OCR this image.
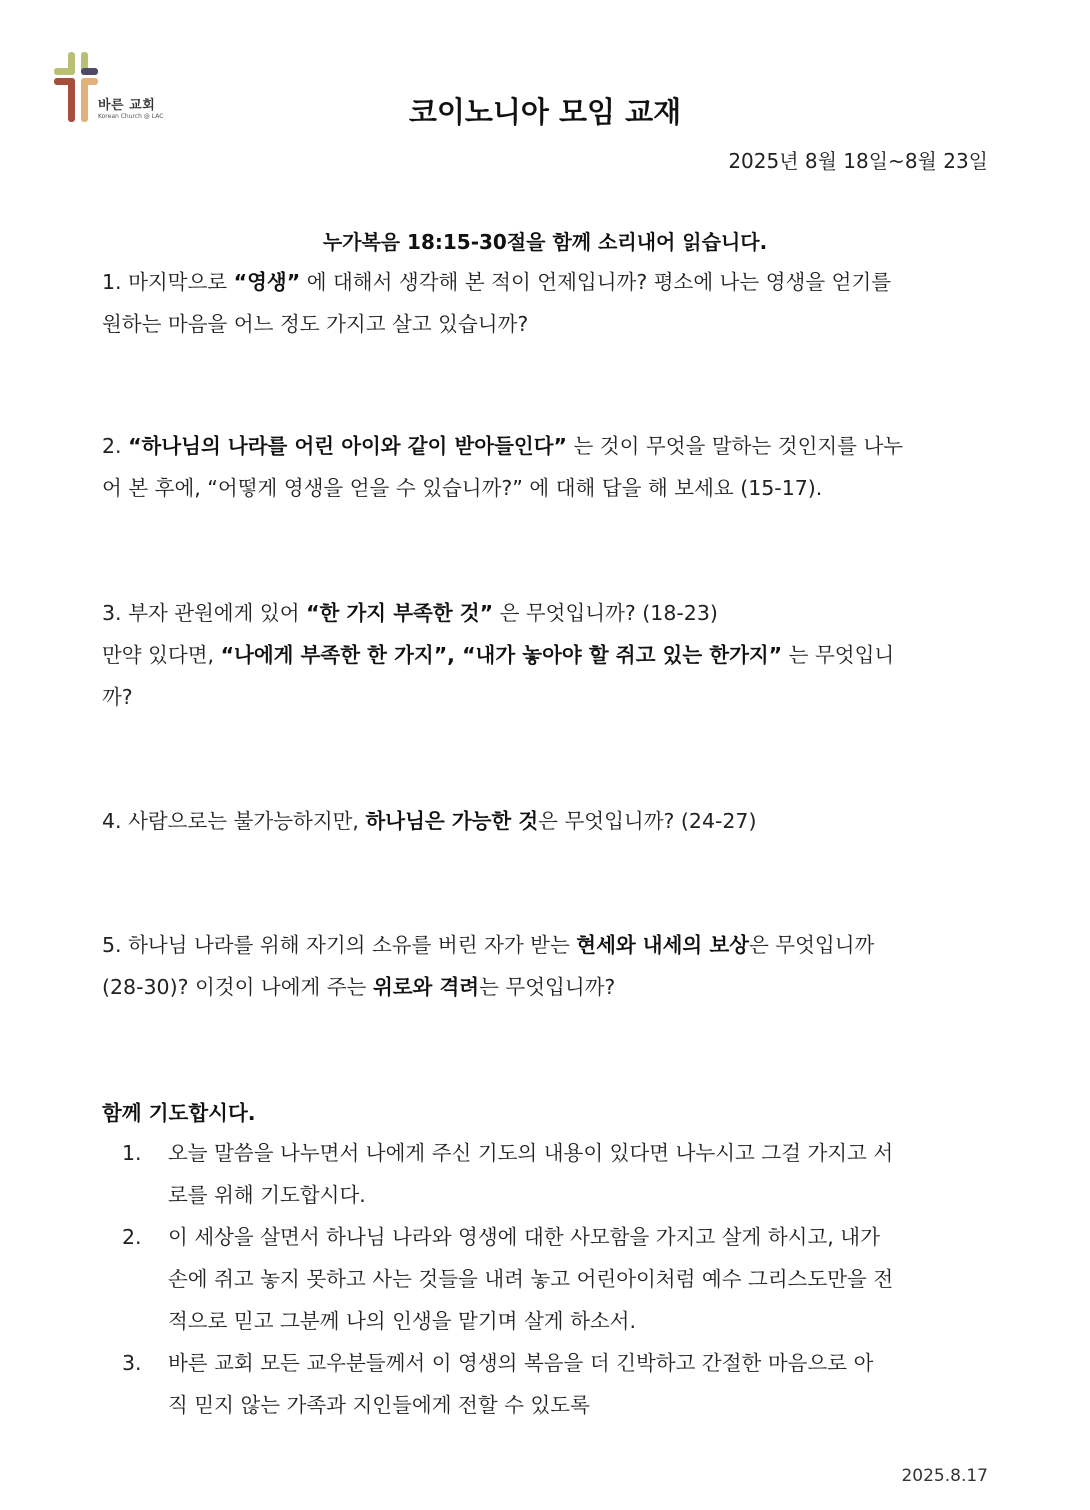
바른 교회
Korean Church @ LAC	코이노니아 모임 교재
2025년 8월 18일~8월 23일
누가복음 18:15-30절을 함께 소리내어 읽습니다.
1. 마지막으로 “영생” 에 대해서 생각해 본 적이 언제입니까? 평소에 나는 영생을 얻기를
원하는 마음을 어느 정도 가지고 살고 있습니까?
2. “하나님의 나라를 어린 아이와 같이 받아들인다” 는 것이 무엇을 말하는 것인지를 나누
어 본 후에, “어떻게 영생을 얻을 수 있습니까?” 에 대해 답을 해 보세요 (15-17).
3. 부자 관원에게 있어 “한 가지 부족한 것” 은 무엇입니까? (18-23)
만약 있다면, “나에게 부족한 한 가지”, “내가 놓아야 할 쥐고 있는 한가지” 는 무엇입니
까?
4. 사람으로는 불가능하지만, 하나님은 가능한 것은 무엇입니까? (24-27)
5. 하나님 나라를 위해 자기의 소유를 버린 자가 받는 현세와 내세의 보상은 무엇입니까
(28-30)? 이것이 나에게 주는 위로와 격려는 무엇입니까?
함께 기도합시다.
1. 오늘 말씀을 나누면서 나에게 주신 기도의 내용이 있다면 나누시고 그걸 가지고 서
로를 위해 기도합시다.
2. 이 세상을 살면서 하나님 나라와 영생에 대한 사모함을 가지고 살게 하시고, 내가
손에 쥐고 놓지 못하고 사는 것들을 내려 놓고 어린아이처럼 예수 그리스도만을 전
적으로 믿고 그분께 나의 인생을 맡기며 살게 하소서.
3. 바른 교회 모든 교우분들께서 이 영생의 복음을 더 긴박하고 간절한 마음으로 아
직 믿지 않는 가족과 지인들에게 전할 수 있도록
2025.8.17
